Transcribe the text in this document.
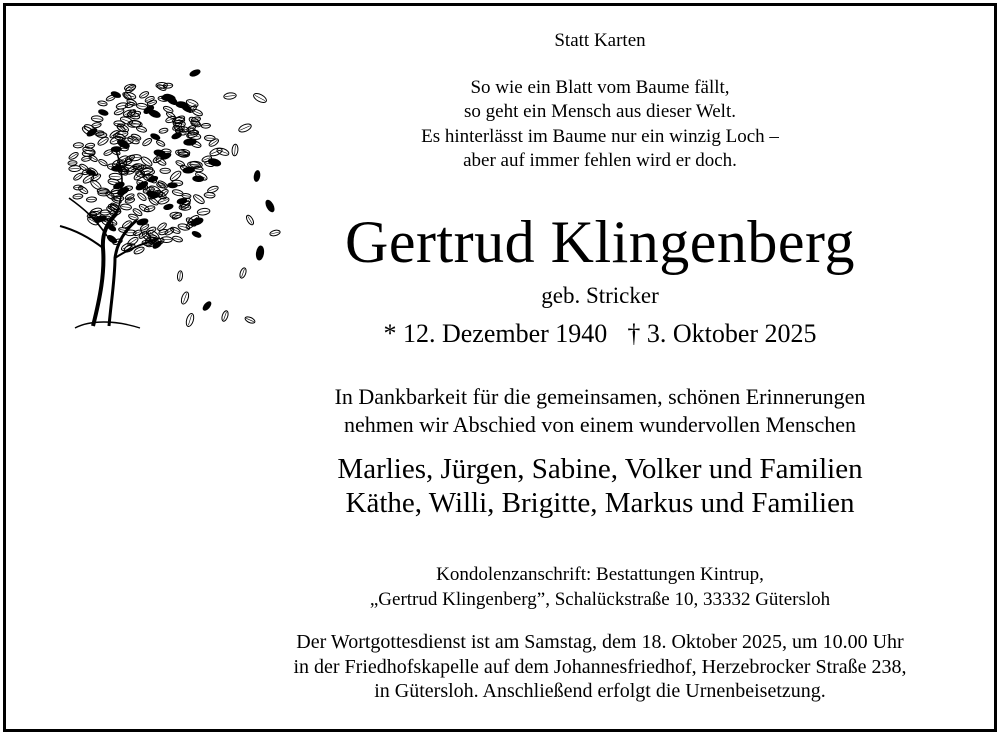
Statt Karten
So wie ein Blatt vom Baume fällt,
so geht ein Mensch aus dieser Welt.
Es hinterlässt im Baume nur ein winzig Loch –
aber auf immer fehlen wird er doch.
Gertrud Klingenberg
geb. Stricker
* 12. Dezember 1940 † 3. Oktober 2025
In Dankbarkeit für die gemeinsamen, schönen Erinnerungen
nehmen wir Abschied von einem wundervollen Menschen
Marlies, Jürgen, Sabine, Volker und Familien
Käthe, Willi, Brigitte, Markus und Familien
Kondolenzanschrift: Bestattungen Kintrup,
„Gertrud Klingenberg”, Schalückstraße 10, 33332 Gütersloh
Der Wortgottesdienst ist am Samstag, dem 18. Oktober 2025, um 10.00 Uhr
in der Friedhofskapelle auf dem Johannesfriedhof, Herzebrocker Straße 238,
in Gütersloh. Anschließend erfolgt die Urnenbeisetzung.
